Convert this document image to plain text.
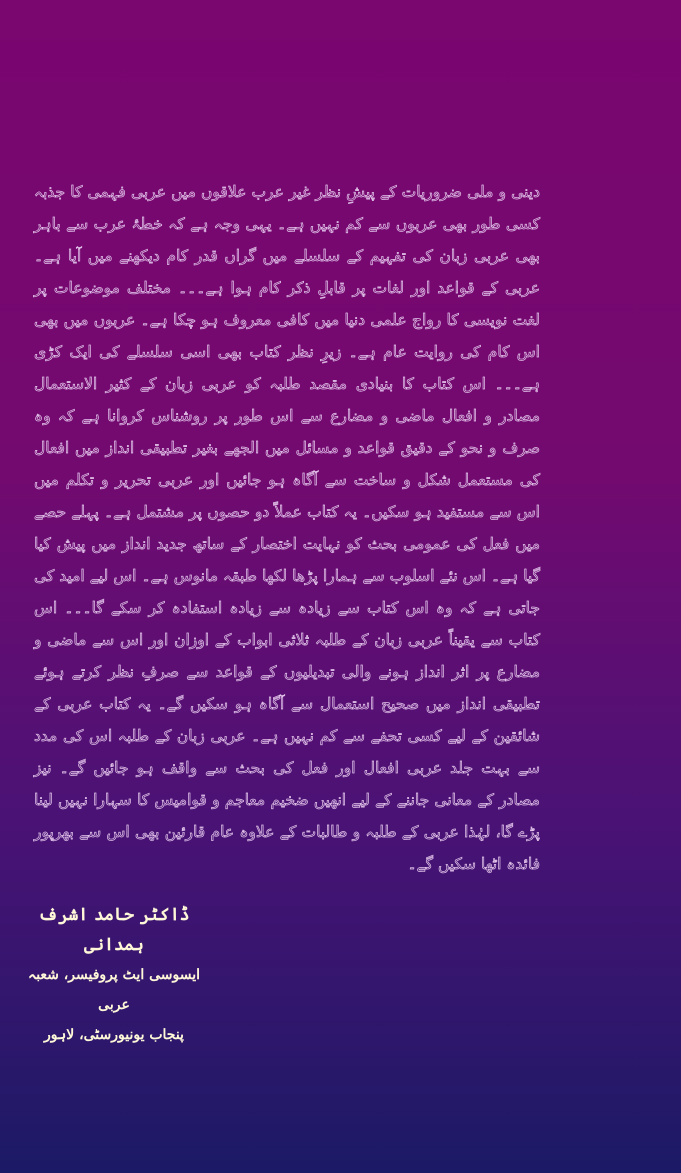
دینی و ملی ضروریات کے پیشِ نظر غیر عرب علاقوں میں عربی فہمی کا جذبہ کسی طور بھی عربوں سے کم نہیں ہے۔ یہی وجہ ہے کہ خطۂ عرب سے باہر بھی عربی زبان کی تفہیم کے سلسلے میں گراں قدر کام دیکھنے میں آیا ہے۔ عربی کے قواعد اور لغات پر قابلِ ذکر کام ہوا ہے۔۔۔ مختلف موضوعات پر لغت نویسی کا رواج علمی دنیا میں کافی معروف ہو چکا ہے۔ عربوں میں بھی اس کام کی روایت عام ہے۔ زیرِ نظر کتاب بھی اسی سلسلے کی ایک کڑی ہے۔۔۔ اس کتاب کا بنیادی مقصد طلبہ کو عربی زبان کے کثیر الاستعمال مصادر و افعال ماضی و مضارع سے اس طور پر روشناس کروانا ہے کہ وہ صرف و نحو کے دقیق قواعد و مسائل میں الجھے بغیر تطبیقی انداز میں افعال کی مستعمل شکل و ساخت سے آگاہ ہو جائیں اور عربی تحریر و تکلم میں اس سے مستفید ہو سکیں۔ یہ کتاب عملاً دو حصوں پر مشتمل ہے۔ پہلے حصے میں فعل کی عمومی بحث کو نہایت اختصار کے ساتھ جدید انداز میں پیش کیا گیا ہے۔ اس نئے اسلوب سے ہمارا پڑھا لکھا طبقہ مانوس ہے۔ اس لیے امید کی جاتی ہے کہ وہ اس کتاب سے زیادہ سے زیادہ استفادہ کر سکے گا۔۔۔ اس کتاب سے یقیناً عربی زبان کے طلبہ ثلاثی ابواب کے اوزان اور اس سے ماضی و مضارع پر اثر انداز ہونے والی تبدیلیوں کے قواعد سے صرفِ نظر کرتے ہوئے تطبیقی انداز میں صحیح استعمال سے آگاہ ہو سکیں گے۔ یہ کتاب عربی کے شائقین کے لیے کسی تحفے سے کم نہیں ہے۔ عربی زبان کے طلبہ اس کی مدد سے بہت جلد عربی افعال اور فعل کی بحث سے واقف ہو جائیں گے۔ نیز مصادر کے معانی جاننے کے لیے انھیں ضخیم معاجم و قوامیس کا سہارا نہیں لینا پڑے گا، لہٰذا عربی کے طلبہ و طالبات کے علاوہ عام قارئین بھی اس سے بھرپور فائدہ اٹھا سکیں گے۔

ڈاکٹر حامد اشرف ہمدانی
ایسوسی ایٹ پروفیسر، شعبہ عربی
پنجاب یونیورسٹی، لاہور
